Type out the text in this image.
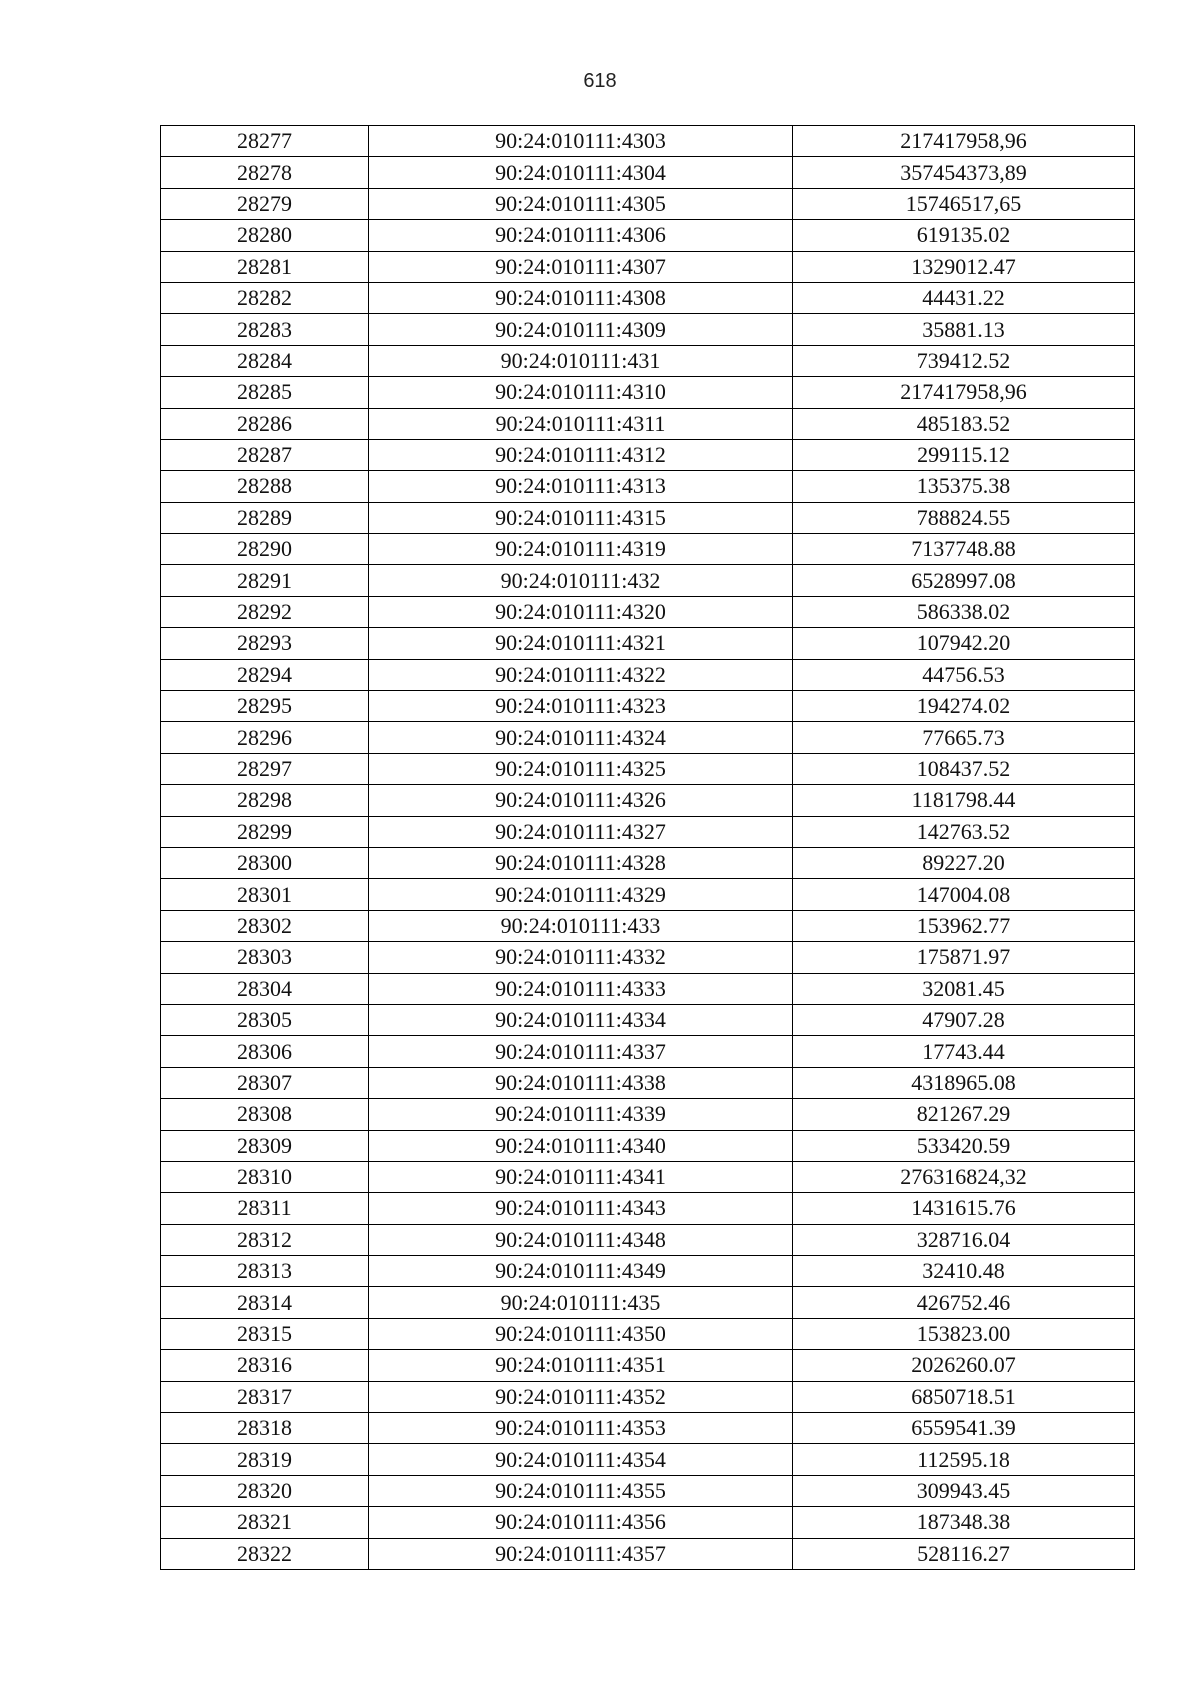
618
28277	90:24:010111:4303	217417958,96
28278	90:24:010111:4304	357454373,89
28279	90:24:010111:4305	15746517,65
28280	90:24:010111:4306	619135.02
28281	90:24:010111:4307	1329012.47
28282	90:24:010111:4308	44431.22
28283	90:24:010111:4309	35881.13
28284	90:24:010111:431	739412.52
28285	90:24:010111:4310	217417958,96
28286	90:24:010111:4311	485183.52
28287	90:24:010111:4312	299115.12
28288	90:24:010111:4313	135375.38
28289	90:24:010111:4315	788824.55
28290	90:24:010111:4319	7137748.88
28291	90:24:010111:432	6528997.08
28292	90:24:010111:4320	586338.02
28293	90:24:010111:4321	107942.20
28294	90:24:010111:4322	44756.53
28295	90:24:010111:4323	194274.02
28296	90:24:010111:4324	77665.73
28297	90:24:010111:4325	108437.52
28298	90:24:010111:4326	1181798.44
28299	90:24:010111:4327	142763.52
28300	90:24:010111:4328	89227.20
28301	90:24:010111:4329	147004.08
28302	90:24:010111:433	153962.77
28303	90:24:010111:4332	175871.97
28304	90:24:010111:4333	32081.45
28305	90:24:010111:4334	47907.28
28306	90:24:010111:4337	17743.44
28307	90:24:010111:4338	4318965.08
28308	90:24:010111:4339	821267.29
28309	90:24:010111:4340	533420.59
28310	90:24:010111:4341	276316824,32
28311	90:24:010111:4343	1431615.76
28312	90:24:010111:4348	328716.04
28313	90:24:010111:4349	32410.48
28314	90:24:010111:435	426752.46
28315	90:24:010111:4350	153823.00
28316	90:24:010111:4351	2026260.07
28317	90:24:010111:4352	6850718.51
28318	90:24:010111:4353	6559541.39
28319	90:24:010111:4354	112595.18
28320	90:24:010111:4355	309943.45
28321	90:24:010111:4356	187348.38
28322	90:24:010111:4357	528116.27
